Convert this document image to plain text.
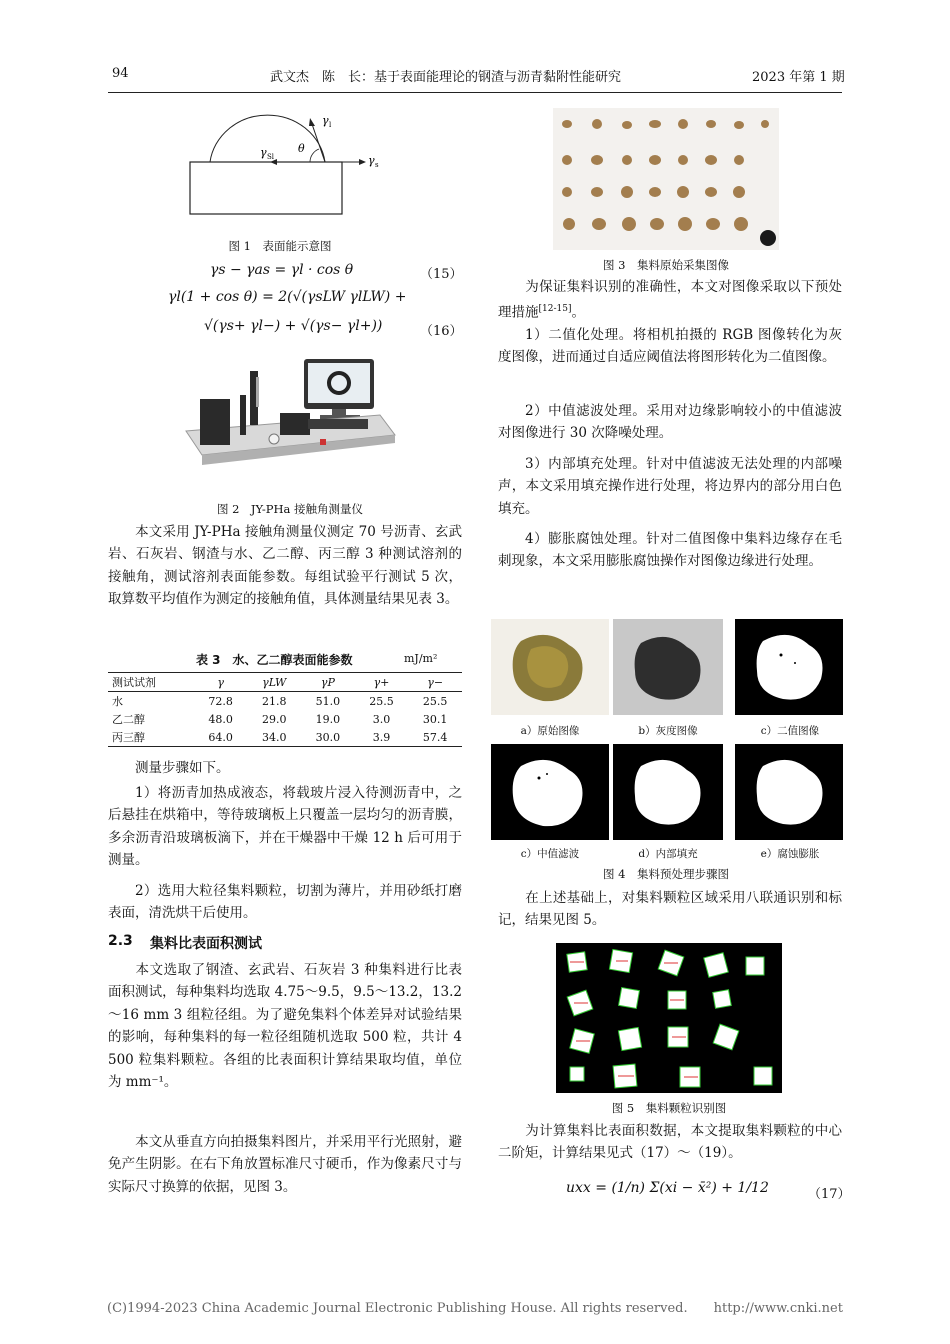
94	武文杰　陈　长：基于表面能理论的钢渣与沥青黏附性能研究	2023 年第 1 期
γ l
γ Sl
θ
γ s
图 1　表面能示意图
γs − γas = γl · cos θ	（15）
γl(1 + cos θ) = 2(√(γsLW γlLW) +
√(γs+ γl−) + √(γs− γl+))	（16）
图 2　JY-PHa 接触角测量仪
本文采用 JY-PHa 接触角测量仪测定 70 号沥青、玄武岩、石灰岩、钢渣与水、乙二醇、丙三醇 3 种测试溶剂的接触角，测试溶剂表面能参数。每组试验平行测试 5 次，取算数平均值作为测定的接触角值，具体测量结果见表 3。
表 3　水、乙二醇表面能参数	mJ/m²
测试试剂	γ	γLW	γP	γ+	γ−
水	72.8	21.8	51.0	25.5	25.5
乙二醇	48.0	29.0	19.0	3.0	30.1
丙三醇	64.0	34.0	30.0	3.9	57.4
测量步骤如下。
1）将沥青加热成液态，将载玻片浸入待测沥青中，之后悬挂在烘箱中，等待玻璃板上只覆盖一层均匀的沥青膜，多余沥青沿玻璃板滴下，并在干燥器中干燥 12 h 后可用于测量。
2）选用大粒径集料颗粒，切割为薄片，并用砂纸打磨表面，清洗烘干后使用。
2.3 集料比表面积测试
本文选取了钢渣、玄武岩、石灰岩 3 种集料进行比表面积测试，每种集料均选取 4.75～9.5，9.5～13.2，13.2～16 mm 3 组粒径组。为了避免集料个体差异对试验结果的影响，每种集料的每一粒径组随机选取 500 粒，共计 4 500 粒集料颗粒。各组的比表面积计算结果取均值，单位为 mm⁻¹。
本文从垂直方向拍摄集料图片，并采用平行光照射，避免产生阴影。在右下角放置标准尺寸硬币，作为像素尺寸与实际尺寸换算的依据，见图 3。
图 3　集料原始采集图像
为保证集料识别的准确性，本文对图像采取以下预处理措施[12-15]。
1）二值化处理。将相机拍摄的 RGB 图像转化为灰度图像，进而通过自适应阈值法将图形转化为二值图像。
2）中值滤波处理。采用对边缘影响较小的中值滤波对图像进行 30 次降噪处理。
3）内部填充处理。针对中值滤波无法处理的内部噪声，本文采用填充操作进行处理，将边界内的部分用白色填充。
4）膨胀腐蚀处理。针对二值图像中集料边缘存在毛刺现象，本文采用膨胀腐蚀操作对图像边缘进行处理。
a）原始图像	b）灰度图像	c）二值图像
c）中值滤波	d）内部填充	e）腐蚀膨胀
图 4　集料预处理步骤图
在上述基础上，对集料颗粒区域采用八联通识别和标记，结果见图 5。
图 5　集料颗粒识别图
为计算集料比表面积数据，本文提取集料颗粒的中心二阶矩，计算结果见式（17）～（19）。
uxx = (1/n) Σ(xi − x̄²) + 1/12	（17）
(C)1994-2023 China Academic Journal Electronic Publishing House. All rights reserved.　　http://www.cnki.net
